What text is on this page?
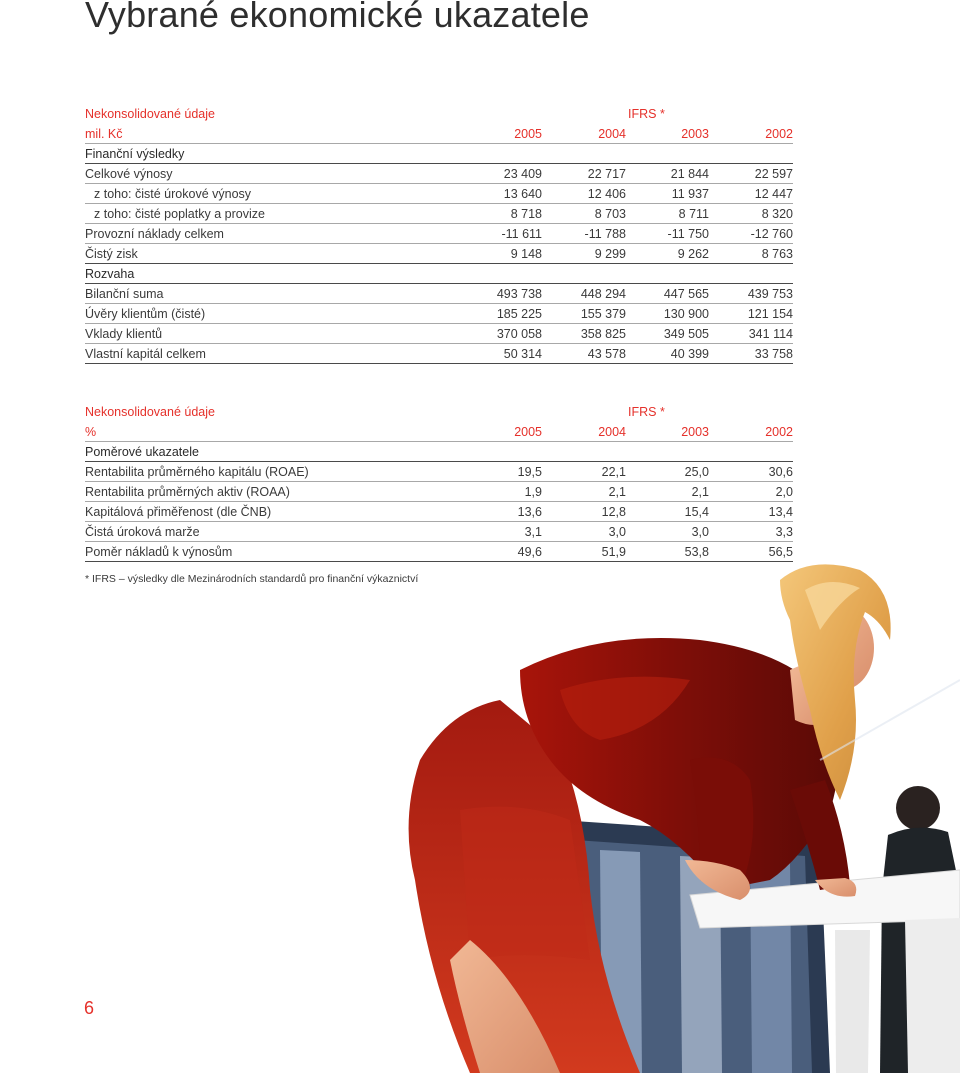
Vybrané ekonomické ukazatele
Nekonsolidované údaje	IFRS *
mil. Kč	2005	2004	2003	2002
Finanční výsledky
Celkové výnosy	23 409	22 717	21 844	22 597
z toho: čisté úrokové výnosy	13 640	12 406	11 937	12 447
z toho: čisté poplatky a provize	8 718	8 703	8 711	8 320
Provozní náklady celkem	-11 611	-11 788	-11 750	-12 760
Čistý zisk	9 148	9 299	9 262	8 763
Rozvaha
Bilanční suma	493 738	448 294	447 565	439 753
Úvěry klientům (čisté)	185 225	155 379	130 900	121 154
Vklady klientů	370 058	358 825	349 505	341 114
Vlastní kapitál celkem	50 314	43 578	40 399	33 758
Nekonsolidované údaje	IFRS *
%	2005	2004	2003	2002
Poměrové ukazatele
Rentabilita průměrného kapitálu (ROAE)	19,5	22,1	25,0	30,6
Rentabilita průměrných aktiv (ROAA)	1,9	2,1	2,1	2,0
Kapitálová přiměřenost (dle ČNB)	13,6	12,8	15,4	13,4
Čistá úroková marže	3,1	3,0	3,0	3,3
Poměr nákladů k výnosům	49,6	51,9	53,8	56,5
* IFRS – výsledky dle Mezinárodních standardů pro finanční výkaznictví
6
